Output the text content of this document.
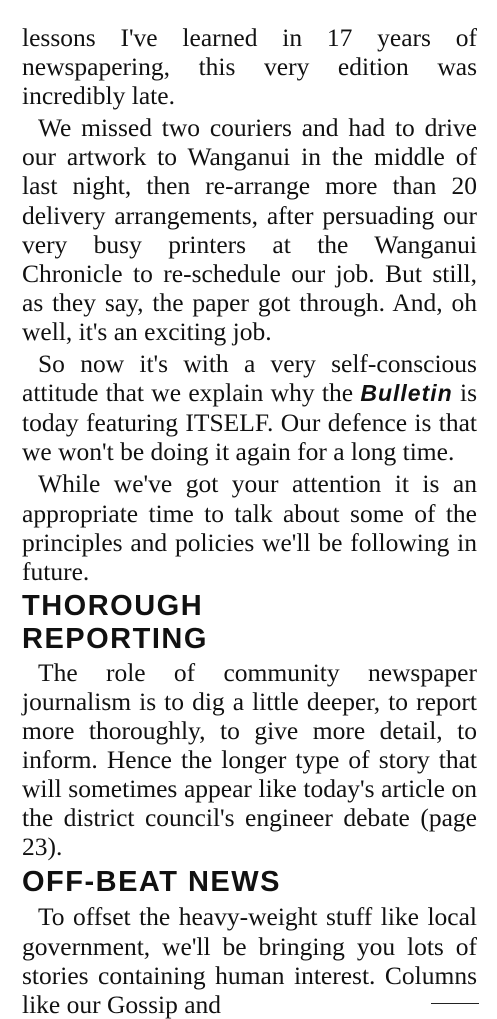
lessons I've learned in 17 years of newspapering, this very edition was incredibly late.

We missed two couriers and had to drive our artwork to Wanganui in the middle of last night, then re-arrange more than 20 delivery arrangements, after persuading our very busy printers at the Wanganui Chronicle to re-schedule our job. But still, as they say, the paper got through. And, oh well, it's an exciting job.

So now it's with a very self-conscious attitude that we explain why the Bulletin is today featuring ITSELF. Our defence is that we won't be doing it again for a long time.

While we've got your attention it is an appropriate time to talk about some of the principles and policies we'll be following in future.

THOROUGH

REPORTING

The role of community newspaper journalism is to dig a little deeper, to report more thoroughly, to give more detail, to inform. Hence the longer type of story that will sometimes appear like today's article on the district council's engineer debate (page 23).

OFF-BEAT NEWS

To offset the heavy-weight stuff like local government, we'll be bringing you lots of stories containing human interest. Columns like our Gossip and
